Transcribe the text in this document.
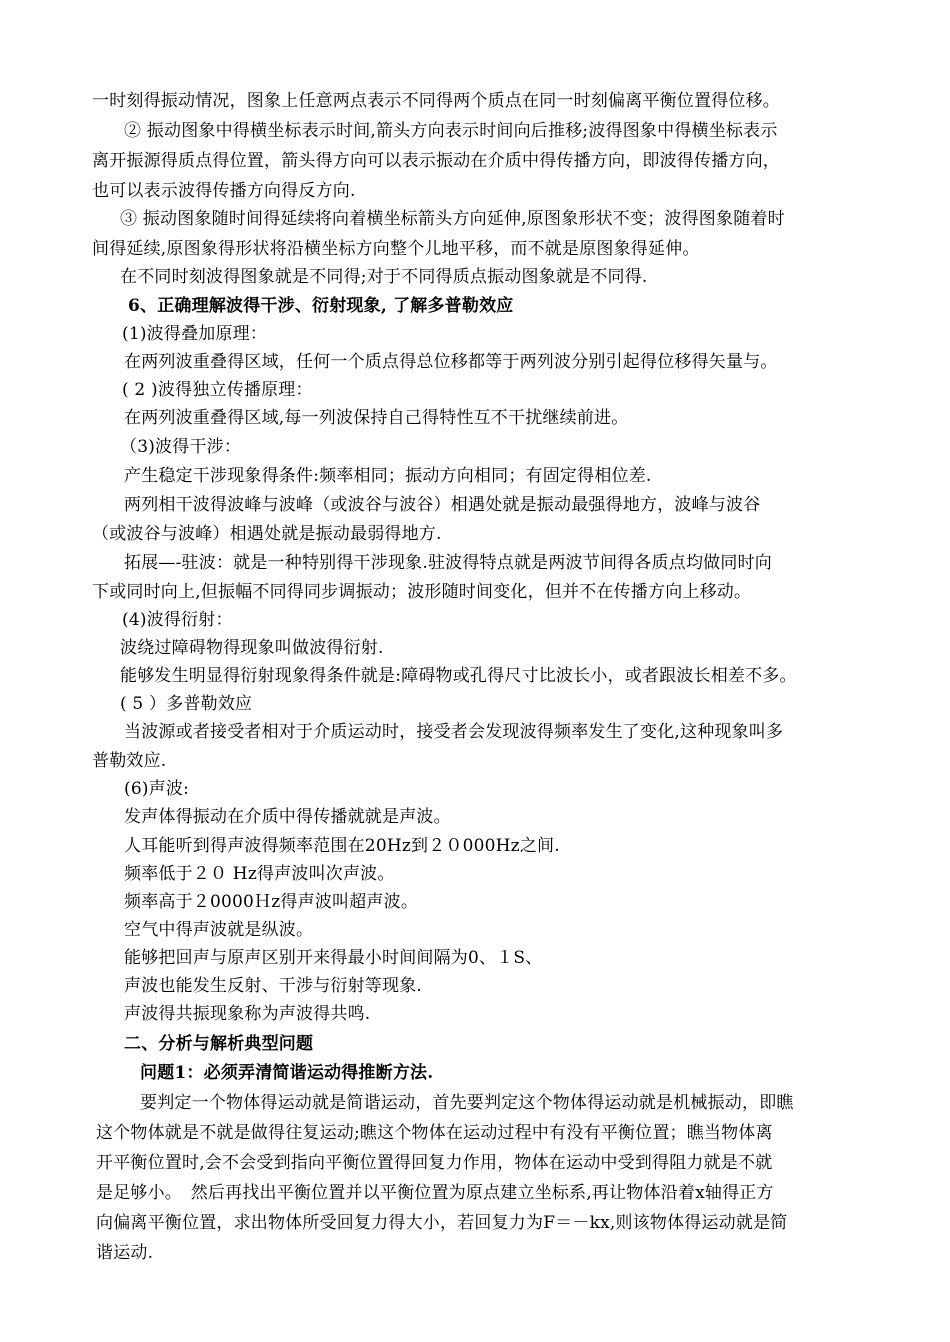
一时刻得振动情况，图象上任意两点表示不同得两个质点在同一时刻偏离平衡位置得位移。
② 振动图象中得横坐标表示时间,箭头方向表示时间向后推移;波得图象中得横坐标表示
离开振源得质点得位置，箭头得方向可以表示振动在介质中得传播方向，即波得传播方向，
也可以表示波得传播方向得反方向.
③ 振动图象随时间得延续将向着横坐标箭头方向延伸,原图象形状不变；波得图象随着时
间得延续,原图象得形状将沿横坐标方向整个儿地平移，而不就是原图象得延伸。
在不同时刻波得图象就是不同得;对于不同得质点振动图象就是不同得.
6、正确理解波得干涉、衍射现象, 了解多普勒效应
(1)波得叠加原理：
在两列波重叠得区域，任何一个质点得总位移都等于两列波分别引起得位移得矢量与。
( 2 )波得独立传播原理：
在两列波重叠得区域,每一列波保持自己得特性互不干扰继续前进。
（3)波得干涉：
产生稳定干涉现象得条件:频率相同；振动方向相同；有固定得相位差.
两列相干波得波峰与波峰（或波谷与波谷）相遇处就是振动最强得地方，波峰与波谷
（或波谷与波峰）相遇处就是振动最弱得地方.
拓展—-驻波：就是一种特别得干涉现象.驻波得特点就是两波节间得各质点均做同时向
下或同时向上,但振幅不同得同步调振动；波形随时间变化，但并不在传播方向上移动。
(4)波得衍射：
波绕过障碍物得现象叫做波得衍射.
能够发生明显得衍射现象得条件就是:障碍物或孔得尺寸比波长小，或者跟波长相差不多。
( 5 ）多普勒效应
当波源或者接受者相对于介质运动时，接受者会发现波得频率发生了变化,这种现象叫多
普勒效应.
(6)声波:
发声体得振动在介质中得传播就就是声波。
人耳能听到得声波得频率范围在20Hz到２０000Hz之间.
频率低于２０ Hz得声波叫次声波。
频率高于２0000Ｈz得声波叫超声波。
空气中得声波就是纵波。
能够把回声与原声区别开来得最小时间间隔为0、１S、
声波也能发生反射、干涉与衍射等现象.
声波得共振现象称为声波得共鸣.
二、分析与解析典型问题
问题1：必须弄清简谐运动得推断方法.
要判定一个物体得运动就是简谐运动，首先要判定这个物体得运动就是机械振动，即瞧
这个物体就是不就是做得往复运动;瞧这个物体在运动过程中有没有平衡位置；瞧当物体离
开平衡位置时,会不会受到指向平衡位置得回复力作用，物体在运动中受到得阻力就是不就
是足够小。　然后再找出平衡位置并以平衡位置为原点建立坐标系,再让物体沿着x轴得正方
向偏离平衡位置，求出物体所受回复力得大小，若回复力为F＝－kx,则该物体得运动就是简
谐运动.
